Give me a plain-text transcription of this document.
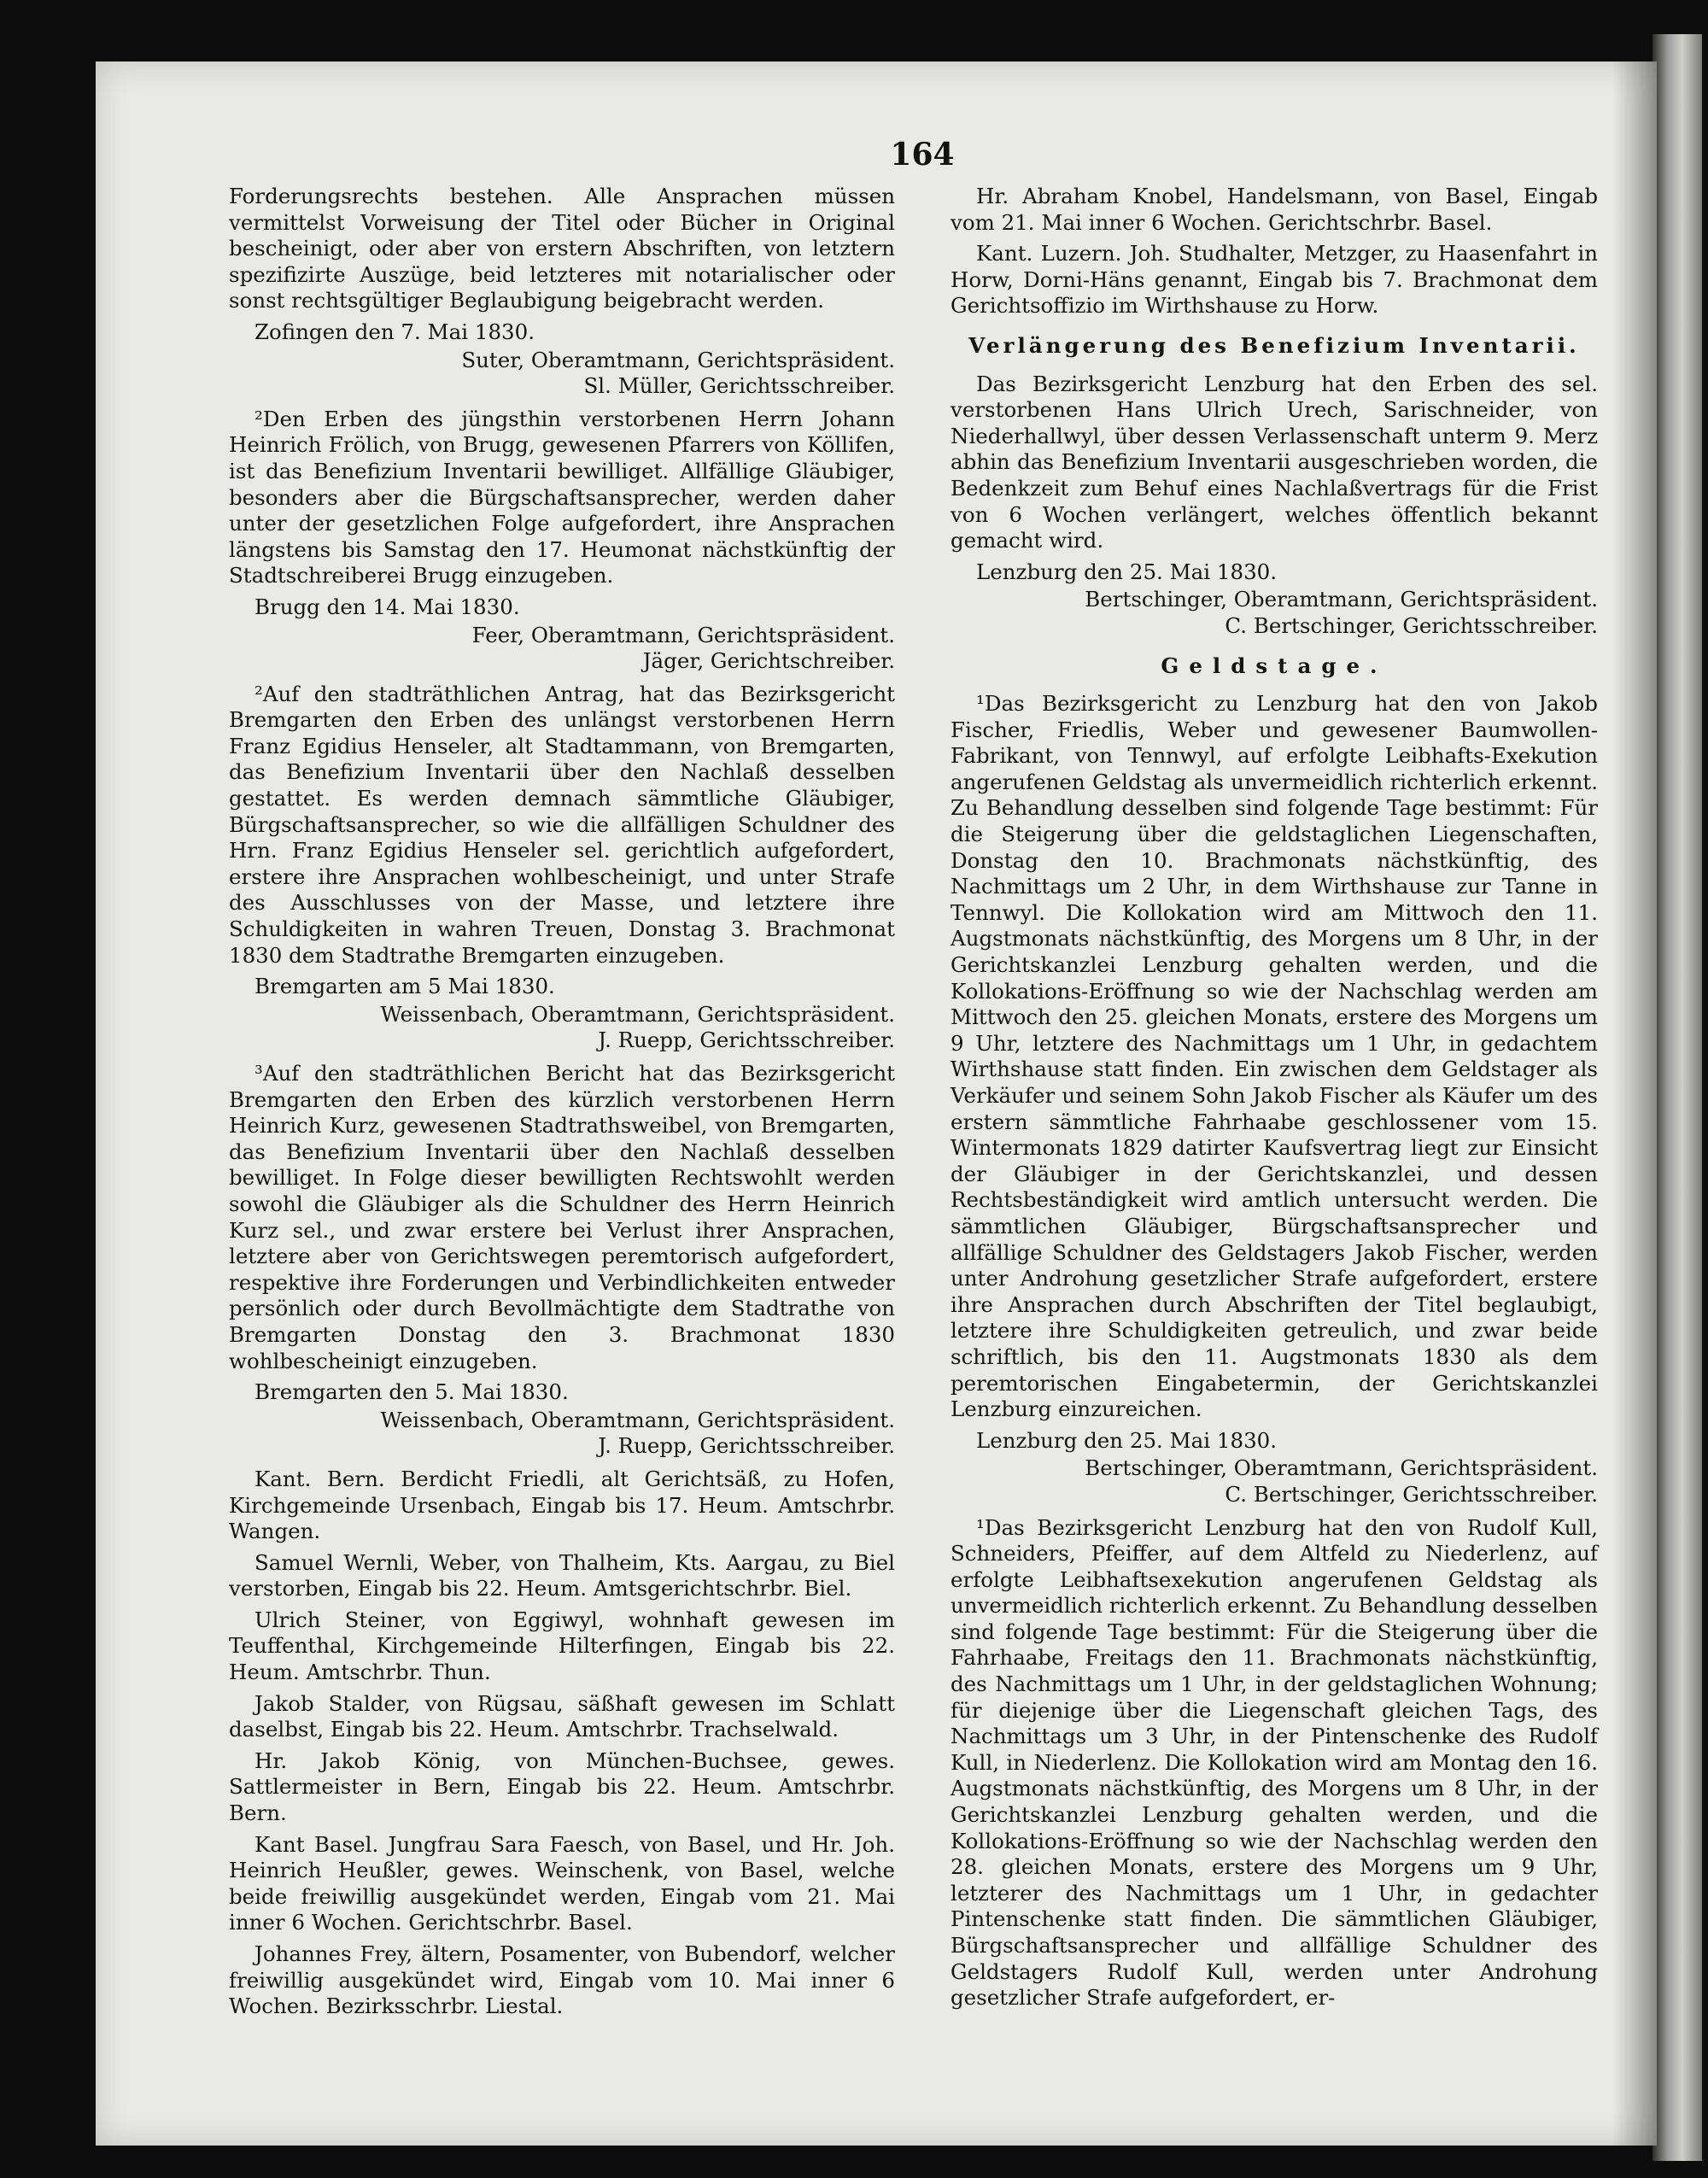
164

Forderungsrechts bestehen. Alle Ansprachen müssen vermittelst Vorweisung der Titel oder Bücher in Original bescheinigt, oder aber von erstern Abschriften, von letztern spezifizirte Auszüge, beid letzteres mit notarialischer oder sonst rechtsgültiger Beglaubigung beigebracht werden.

Zofingen den 7. Mai 1830.
Suter, Oberamtmann, Gerichtspräsident.
Sl. Müller, Gerichtsschreiber.

²Den Erben des jüngsthin verstorbenen Herrn Johann Heinrich Frölich, von Brugg, gewesenen Pfarrers von Köllifen, ist das Benefizium Inventarii bewilliget. Allfällige Gläubiger, besonders aber die Bürgschaftsansprecher, werden daher unter der gesetzlichen Folge aufgefordert, ihre Ansprachen längstens bis Samstag den 17. Heumonat nächstkünftig der Stadtschreiberei Brugg einzugeben.

Brugg den 14. Mai 1830.
Feer, Oberamtmann, Gerichtspräsident.
Jäger, Gerichtschreiber.

²Auf den stadträthlichen Antrag, hat das Bezirksgericht Bremgarten den Erben des unlängst verstorbenen Herrn Franz Egidius Henseler, alt Stadtammann, von Bremgarten, das Benefizium Inventarii über den Nachlaß desselben gestattet. Es werden demnach sämmtliche Gläubiger, Bürgschaftsansprecher, so wie die allfälligen Schuldner des Hrn. Franz Egidius Henseler sel. gerichtlich aufgefordert, erstere ihre Ansprachen wohlbescheinigt, und unter Strafe des Ausschlusses von der Masse, und letztere ihre Schuldigkeiten in wahren Treuen, Donstag 3. Brachmonat 1830 dem Stadtrathe Bremgarten einzugeben.

Bremgarten am 5 Mai 1830.
Weissenbach, Oberamtmann, Gerichtspräsident.
J. Ruepp, Gerichtsschreiber.

³Auf den stadträthlichen Bericht hat das Bezirksgericht Bremgarten den Erben des kürzlich verstorbenen Herrn Heinrich Kurz, gewesenen Stadtrathsweibel, von Bremgarten, das Benefizium Inventarii über den Nachlaß desselben bewilliget. In Folge dieser bewilligten Rechtswohlt werden sowohl die Gläubiger als die Schuldner des Herrn Heinrich Kurz sel., und zwar erstere bei Verlust ihrer Ansprachen, letztere aber von Gerichtswegen peremtorisch aufgefordert, respektive ihre Forderungen und Verbindlichkeiten entweder persönlich oder durch Bevollmächtigte dem Stadtrathe von Bremgarten Donstag den 3. Brachmonat 1830 wohlbescheinigt einzugeben.

Bremgarten den 5. Mai 1830.
Weissenbach, Oberamtmann, Gerichtspräsident.
J. Ruepp, Gerichtsschreiber.

Kant. Bern. Berdicht Friedli, alt Gerichtsäß, zu Hofen, Kirchgemeinde Ursenbach, Eingab bis 17. Heum. Amtschrbr. Wangen.

Samuel Wernli, Weber, von Thalheim, Kts. Aargau, zu Biel verstorben, Eingab bis 22. Heum. Amtsgerichtschrbr. Biel.

Ulrich Steiner, von Eggiwyl, wohnhaft gewesen im Teuffenthal, Kirchgemeinde Hilterfingen, Eingab bis 22. Heum. Amtschrbr. Thun.

Jakob Stalder, von Rügsau, säßhaft gewesen im Schlatt daselbst, Eingab bis 22. Heum. Amtschrbr. Trachselwald.

Hr. Jakob König, von München-Buchsee, gewes. Sattlermeister in Bern, Eingab bis 22. Heum. Amtschrbr. Bern.

Kant Basel. Jungfrau Sara Faesch, von Basel, und Hr. Joh. Heinrich Heußler, gewes. Weinschenk, von Basel, welche beide freiwillig ausgekündet werden, Eingab vom 21. Mai inner 6 Wochen. Gerichtschrbr. Basel.

Johannes Frey, ältern, Posamenter, von Bubendorf, welcher freiwillig ausgekündet wird, Eingab vom 10. Mai inner 6 Wochen. Bezirksschrbr. Liestal.

Hr. Abraham Knobel, Handelsmann, von Basel, Eingab vom 21. Mai inner 6 Wochen. Gerichtschrbr. Basel.

Kant. Luzern. Joh. Studhalter, Metzger, zu Haasenfahrt in Horw, Dorni-Häns genannt, Eingab bis 7. Brachmonat dem Gerichtsoffizio im Wirthshause zu Horw.

Verlängerung des Benefizium Inventarii.

Das Bezirksgericht Lenzburg hat den Erben des sel. verstorbenen Hans Ulrich Urech, Sarischneider, von Niederhallwyl, über dessen Verlassenschaft unterm 9. Merz abhin das Benefizium Inventarii ausgeschrieben worden, die Bedenkzeit zum Behuf eines Nachlaßvertrags für die Frist von 6 Wochen verlängert, welches öffentlich bekannt gemacht wird.

Lenzburg den 25. Mai 1830.
Bertschinger, Oberamtmann, Gerichtspräsident.
C. Bertschinger, Gerichtsschreiber.

Geldstage.

¹Das Bezirksgericht zu Lenzburg hat den von Jakob Fischer, Friedlis, Weber und gewesener Baumwollen-Fabrikant, von Tennwyl, auf erfolgte Leibhafts-Exekution angerufenen Geldstag als unvermeidlich richterlich erkennt. Zu Behandlung desselben sind folgende Tage bestimmt: Für die Steigerung über die geldstaglichen Liegenschaften, Donstag den 10. Brachmonats nächstkünftig, des Nachmittags um 2 Uhr, in dem Wirthshause zur Tanne in Tennwyl. Die Kollokation wird am Mittwoch den 11. Augstmonats nächstkünftig, des Morgens um 8 Uhr, in der Gerichtskanzlei Lenzburg gehalten werden, und die Kollokations-Eröffnung so wie der Nachschlag werden am Mittwoch den 25. gleichen Monats, erstere des Morgens um 9 Uhr, letztere des Nachmittags um 1 Uhr, in gedachtem Wirthshause statt finden. Ein zwischen dem Geldstager als Verkäufer und seinem Sohn Jakob Fischer als Käufer um des erstern sämmtliche Fahrhaabe geschlossener vom 15. Wintermonats 1829 datirter Kaufsvertrag liegt zur Einsicht der Gläubiger in der Gerichtskanzlei, und dessen Rechtsbeständigkeit wird amtlich untersucht werden. Die sämmtlichen Gläubiger, Bürgschaftsansprecher und allfällige Schuldner des Geldstagers Jakob Fischer, werden unter Androhung gesetzlicher Strafe aufgefordert, erstere ihre Ansprachen durch Abschriften der Titel beglaubigt, letztere ihre Schuldigkeiten getreulich, und zwar beide schriftlich, bis den 11. Augstmonats 1830 als dem peremtorischen Eingabetermin, der Gerichtskanzlei Lenzburg einzureichen.

Lenzburg den 25. Mai 1830.
Bertschinger, Oberamtmann, Gerichtspräsident.
C. Bertschinger, Gerichtsschreiber.

¹Das Bezirksgericht Lenzburg hat den von Rudolf Kull, Schneiders, Pfeiffer, auf dem Altfeld zu Niederlenz, auf erfolgte Leibhaftsexekution angerufenen Geldstag als unvermeidlich richterlich erkennt. Zu Behandlung desselben sind folgende Tage bestimmt: Für die Steigerung über die Fahrhaabe, Freitags den 11. Brachmonats nächstkünftig, des Nachmittags um 1 Uhr, in der geldstaglichen Wohnung; für diejenige über die Liegenschaft gleichen Tags, des Nachmittags um 3 Uhr, in der Pintenschenke des Rudolf Kull, in Niederlenz. Die Kollokation wird am Montag den 16. Augstmonats nächstkünftig, des Morgens um 8 Uhr, in der Gerichtskanzlei Lenzburg gehalten werden, und die Kollokations-Eröffnung so wie der Nachschlag werden den 28. gleichen Monats, erstere des Morgens um 9 Uhr, letzterer des Nachmittags um 1 Uhr, in gedachter Pintenschenke statt finden. Die sämmtlichen Gläubiger, Bürgschaftsansprecher und allfällige Schuldner des Geldstagers Rudolf Kull, werden unter Androhung gesetzlicher Strafe aufgefordert, er-
